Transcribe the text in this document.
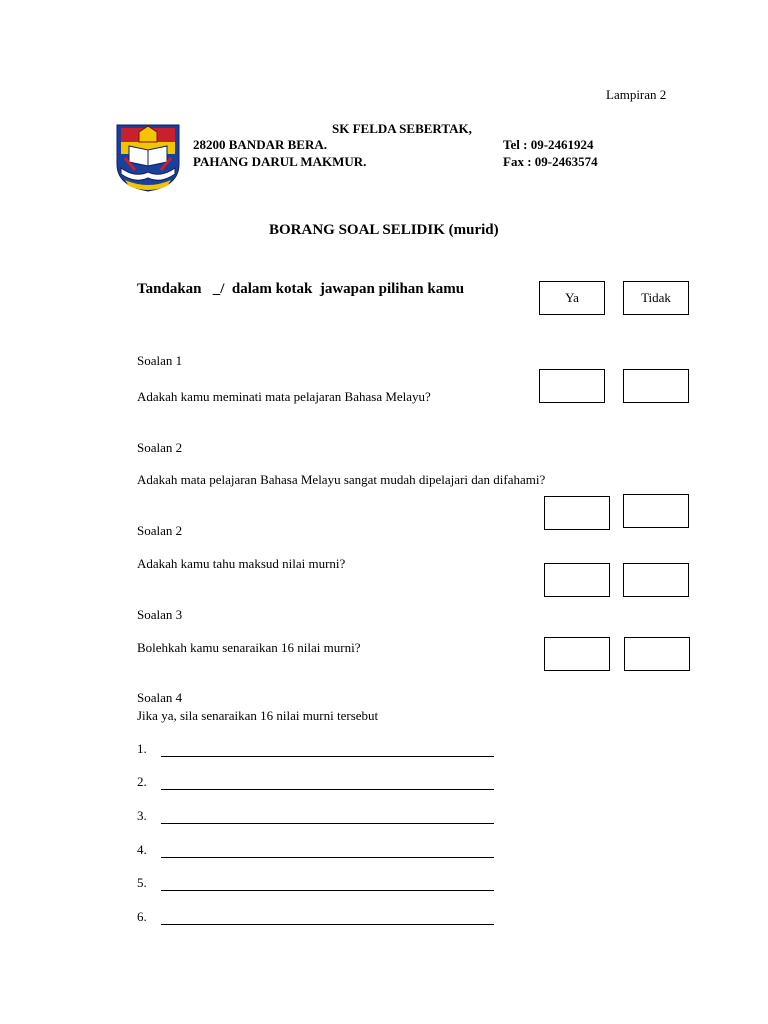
Lampiran 2
SK FELDA SEBERTAK,
28200 BANDAR BERA.
PAHANG DARUL MAKMUR.
Tel : 09-2461924
Fax : 09-2463574
BORANG SOAL SELIDIK (murid)
Tandakan   _/  dalam kotak  jawapan pilihan kamu
Ya	Tidak
Soalan 1
Adakah kamu meminati mata pelajaran Bahasa Melayu?
Soalan 2
Adakah mata pelajaran Bahasa Melayu sangat mudah dipelajari dan difahami?
Soalan 2
Adakah kamu tahu maksud nilai murni?
Soalan 3
Bolehkah kamu senaraikan 16 nilai murni?
Soalan 4
Jika ya, sila senaraikan 16 nilai murni tersebut
1.
2.
3.
4.
5.
6.
